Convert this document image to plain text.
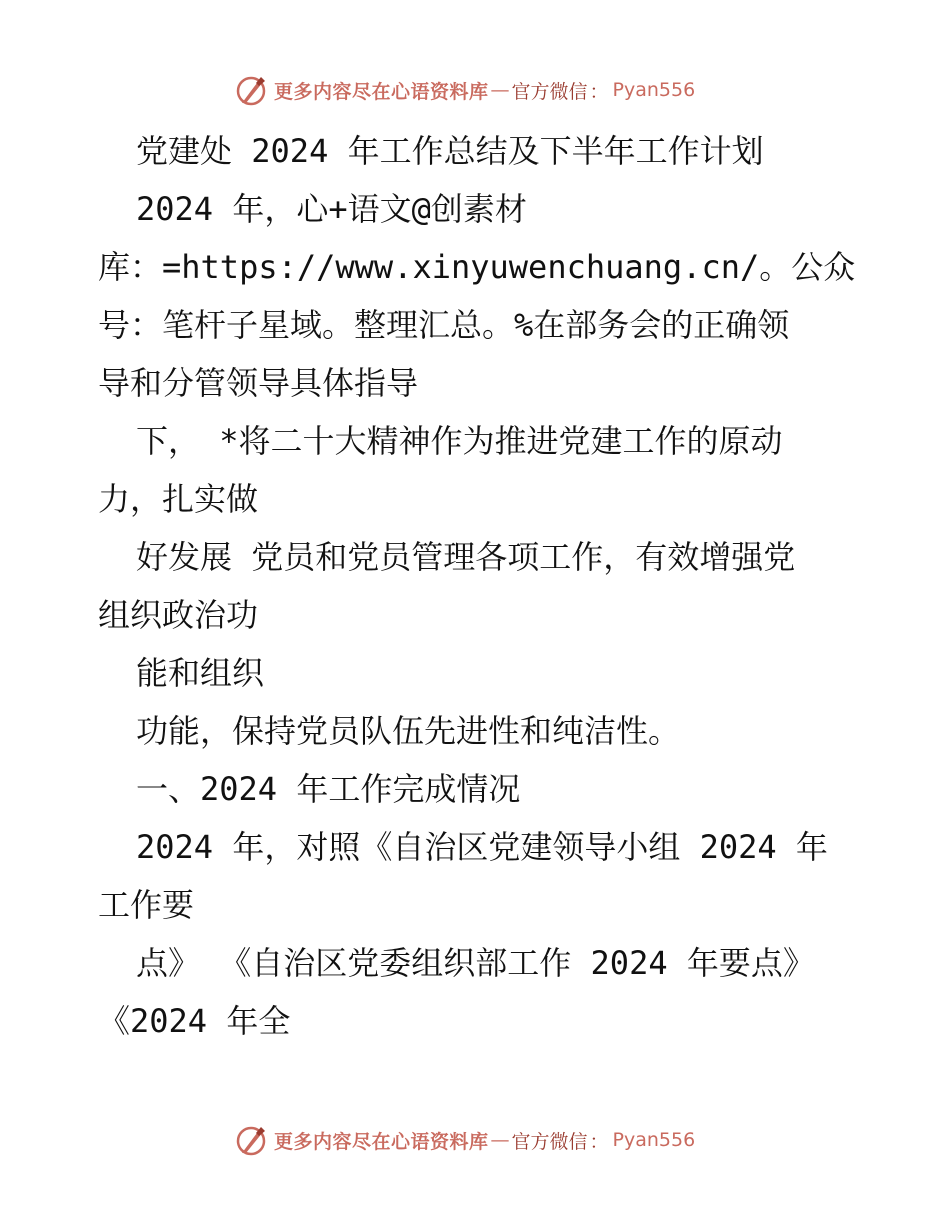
更多内容尽在心语资料库 — 官方微信 ： Pyan556
党建处 2024 年工作总结及下半年工作计划
2024 年，心+语文@创素材
库：=https://www.xinyuwenchuang.cn/。公众
号：笔杆子星域。整理汇总。%在部务会的正确领
导和分管领导具体指导
下， *将二十大精神作为推进党建工作的原动
力，扎实做
好发展 党员和党员管理各项工作，有效增强党
组织政治功
能和组织
功能，保持党员队伍先进性和纯洁性。
一、2024 年工作完成情况
2024 年，对照《自治区党建领导小组 2024 年
工作要
点》 《自治区党委组织部工作 2024 年要点》
《2024 年全
更多内容尽在心语资料库 — 官方微信 ： Pyan556
